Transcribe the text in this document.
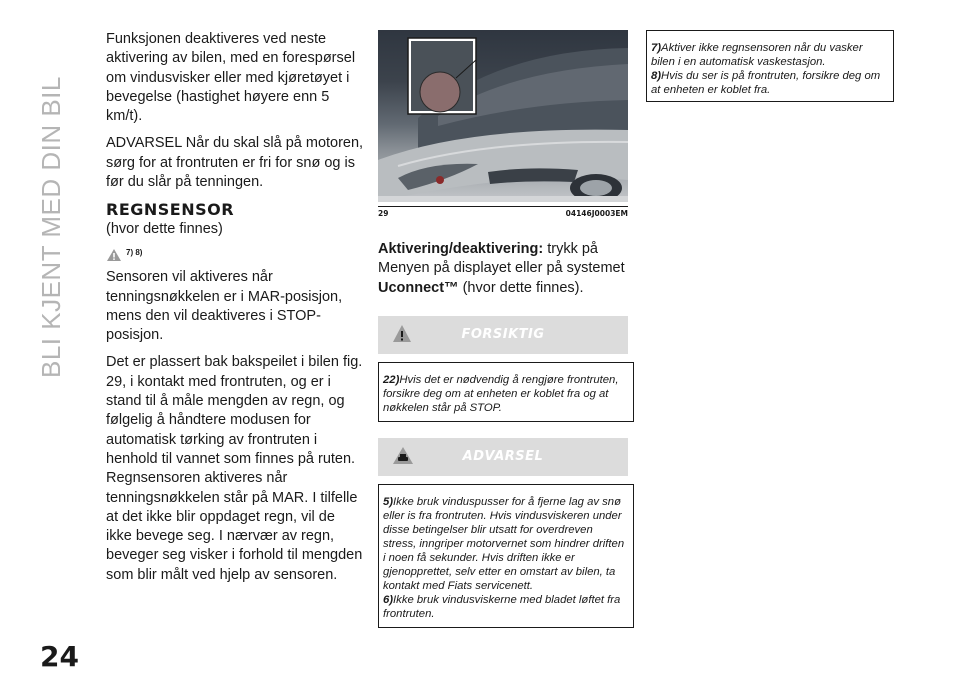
BLI KJENT MED DIN BIL
24

Funksjonen deaktiveres ved neste aktivering av bilen, med en forespørsel om vindusvisker eller med kjøretøyet i bevegelse (hastighet høyere enn 5 km/t).

ADVARSEL Når du skal slå på motoren, sørg for at frontruten er fri for snø og is før du slår på tenningen.

REGNSENSOR
(hvor dette finnes)
7) 8)

Sensoren vil aktiveres når tenningsnøkkelen er i MAR-posisjon, mens den vil deaktiveres i STOP-posisjon.

Det er plassert bak bakspeilet i bilen fig. 29, i kontakt med frontruten, og er i stand til å måle mengden av regn, og følgelig å håndtere modusen for automatisk tørking av frontruten i henhold til vannet som finnes på ruten. Regnsensoren aktiveres når tenningsnøkkelen står på MAR. I tilfelle at det ikke blir oppdaget regn, vil de ikke bevege seg. I nærvær av regn, beveger seg visker i forhold til mengden som blir målt ved hjelp av sensoren.

29	04146J0003EM
Aktivering/deaktivering: trykk på Menyen på displayet eller på systemet Uconnect™ (hvor dette finnes).
FORSIKTIG

22)Hvis det er nødvendig å rengjøre frontruten, forsikre deg om at enheten er koblet fra og at nøkkelen står på STOP.

ADVARSEL

5)Ikke bruk vinduspusser for å fjerne lag av snø eller is fra frontruten. Hvis vindusviskeren under disse betingelser blir utsatt for overdreven stress, inngriper motorvernet som hindrer driften i noen få sekunder. Hvis driften ikke er gjenopprettet, selv etter en omstart av bilen, ta kontakt med Fiats servicenett.

6)Ikke bruk vindusviskerne med bladet løftet fra frontruten.

7)Aktiver ikke regnsensoren når du vasker bilen i en automatisk vaskestasjon.

8)Hvis du ser is på frontruten, forsikre deg om at enheten er koblet fra.
